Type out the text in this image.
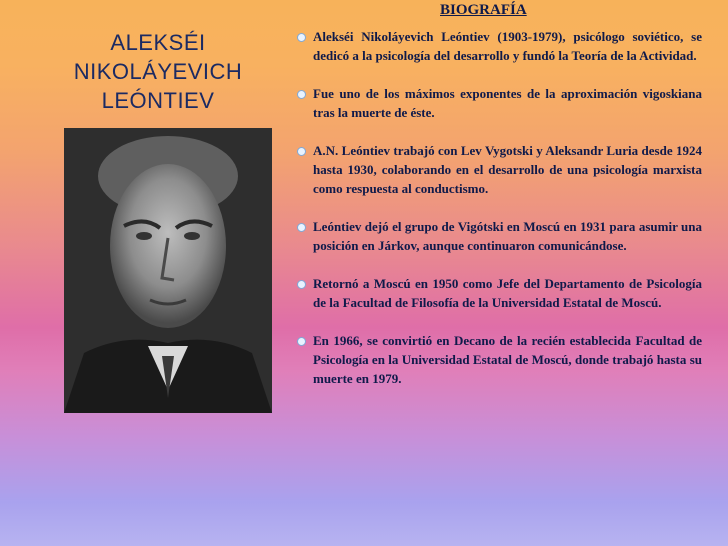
ALEKSÉI
NIKOLÁYEVICH
LEÓNTIEV
BIOGRAFÍA
Alekséi Nikoláyevich Leóntiev (1903-1979), psicólogo soviético, se dedicó a la psicología del desarrollo y fundó la Teoría de la Actividad.
Fue uno de los máximos exponentes de la aproximación vigoskiana tras la muerte de éste.
A.N. Leóntiev trabajó con Lev Vygotski y Aleksandr Luria desde 1924 hasta 1930, colaborando en el desarrollo de una psicología marxista como respuesta al conductismo.
Leóntiev dejó el grupo de Vigótski en Moscú en 1931 para asumir una posición en Járkov, aunque continuaron comunicándose.
Retornó a Moscú en 1950 como Jefe del Departamento de Psicología de la Facultad de Filosofía de la Universidad Estatal de Moscú.
En 1966, se convirtió en Decano de la recién establecida Facultad de Psicología en la Universidad Estatal de Moscú, donde trabajó hasta su muerte en 1979.
